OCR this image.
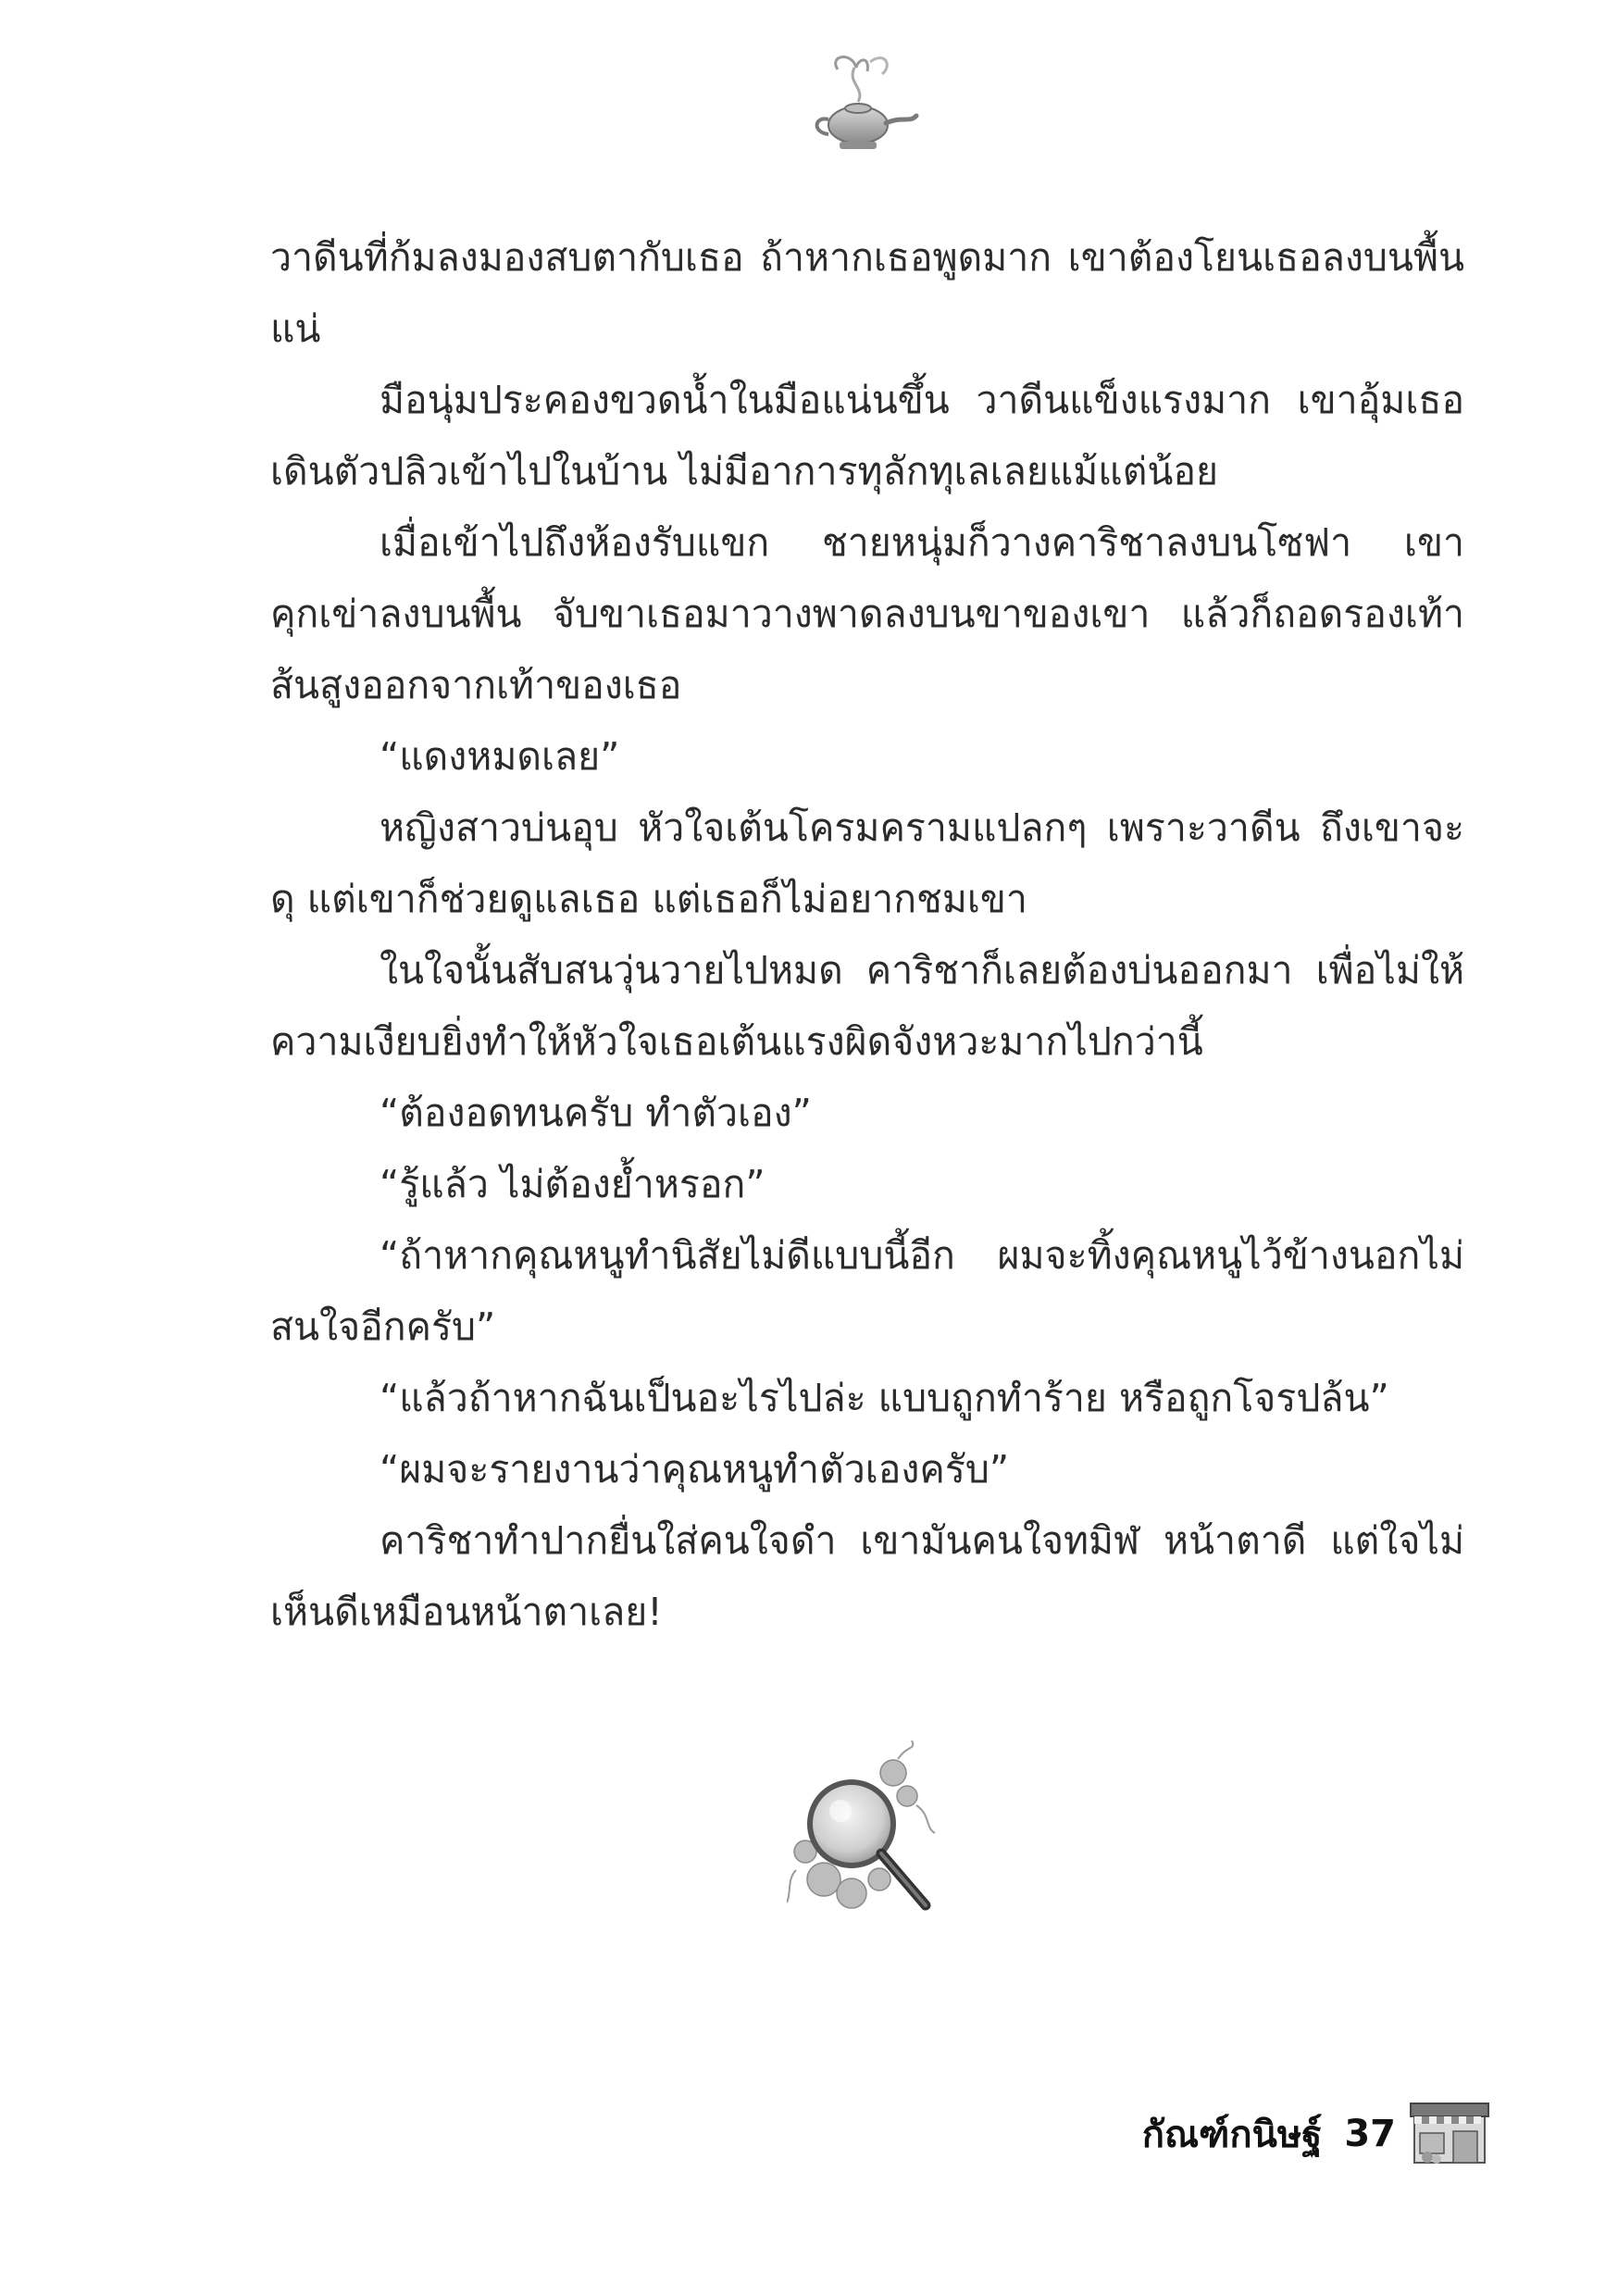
วาดีนที่ก้มลงมองสบตากับเธอ ถ้าหากเธอพูดมาก เขาต้องโยนเธอลงบนพื้นแน่

มือนุ่มประคองขวดน้ำในมือแน่นขึ้น วาดีนแข็งแรงมาก เขาอุ้มเธอเดินตัวปลิวเข้าไปในบ้าน ไม่มีอาการทุลักทุเลเลยแม้แต่น้อย

เมื่อเข้าไปถึงห้องรับแขก ชายหนุ่มก็วางคาริชาลงบนโซฟา เขาคุกเข่าลงบนพื้น จับขาเธอมาวางพาดลงบนขาของเขา แล้วก็ถอดรองเท้าส้นสูงออกจากเท้าของเธอ

“แดงหมดเลย”

หญิงสาวบ่นอุบ หัวใจเต้นโครมครามแปลกๆ เพราะวาดีน ถึงเขาจะดุ แต่เขาก็ช่วยดูแลเธอ แต่เธอก็ไม่อยากชมเขา

ในใจนั้นสับสนวุ่นวายไปหมด คาริชาก็เลยต้องบ่นออกมา เพื่อไม่ให้ความเงียบยิ่งทำให้หัวใจเธอเต้นแรงผิดจังหวะมากไปกว่านี้

“ต้องอดทนครับ ทำตัวเอง”

“รู้แล้ว ไม่ต้องย้ำหรอก”

“ถ้าหากคุณหนูทำนิสัยไม่ดีแบบนี้อีก ผมจะทิ้งคุณหนูไว้ข้างนอกไม่สนใจอีกครับ”

“แล้วถ้าหากฉันเป็นอะไรไปล่ะ แบบถูกทำร้าย หรือถูกโจรปล้น”

“ผมจะรายงานว่าคุณหนูทำตัวเองครับ”

คาริชาทำปากยื่นใส่คนใจดำ เขามันคนใจทมิฬ หน้าตาดี แต่ใจไม่เห็นดีเหมือนหน้าตาเลย!

กัณฑ์กนิษฐ์ 37
